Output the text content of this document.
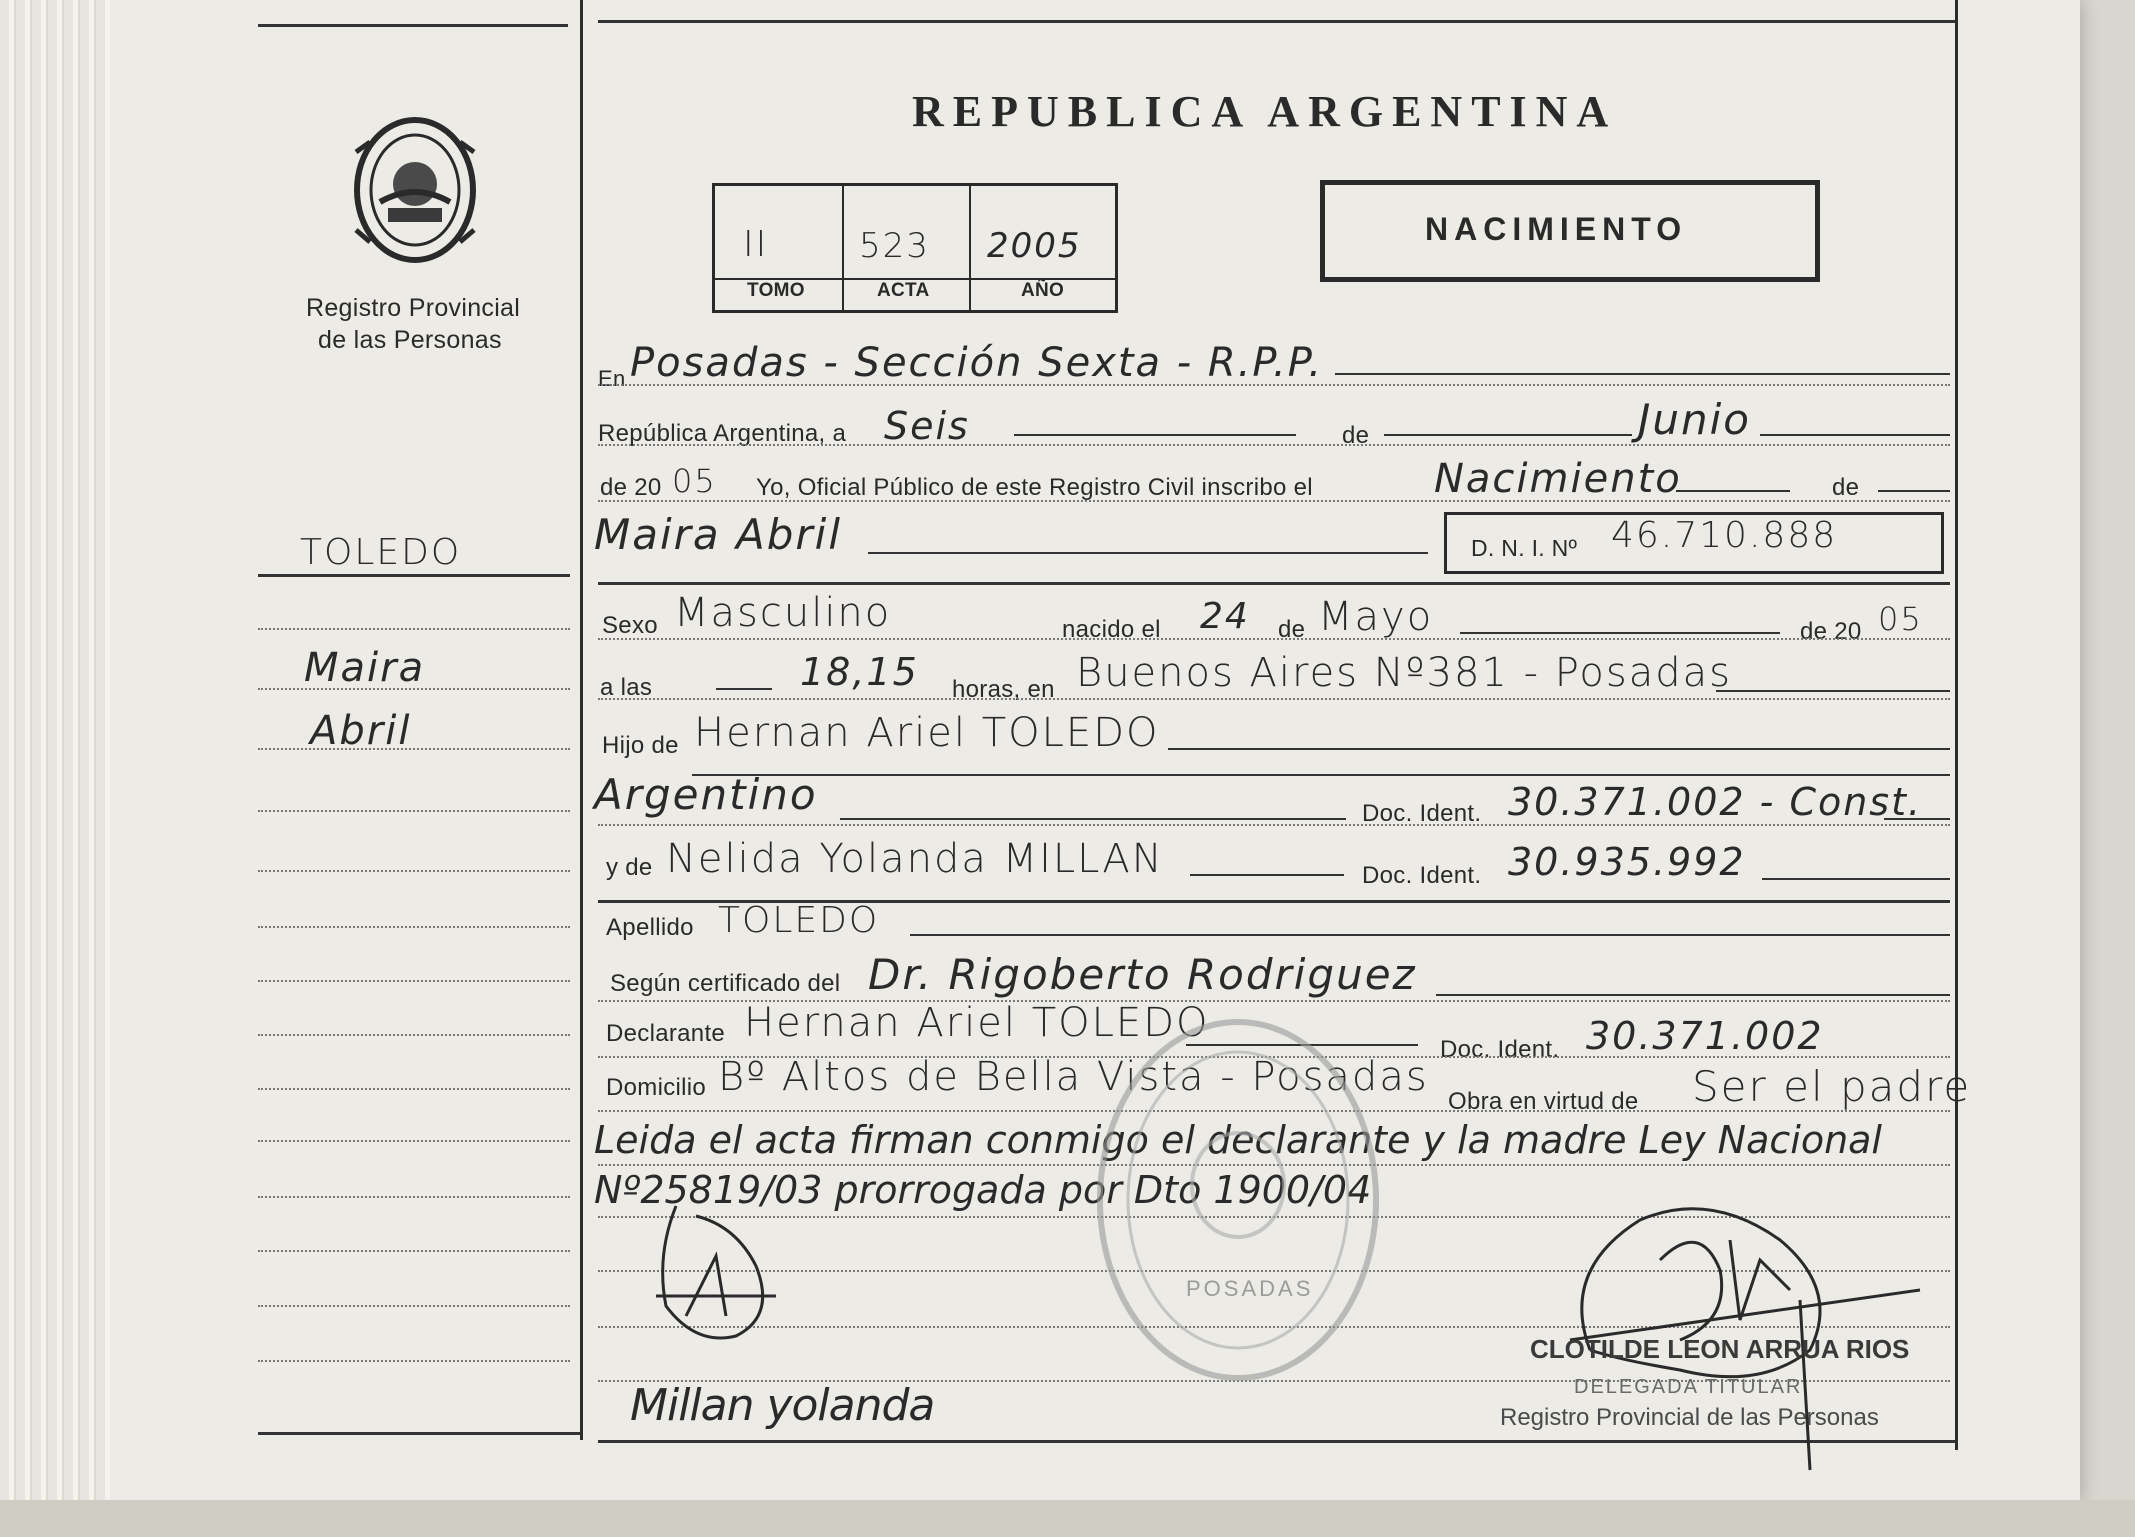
Registro Provincial
de las Personas
TOLEDO
Maira
Abril
REPUBLICA ARGENTINA
II	523 2005
TOMO	ACTA	AÑO
NACIMIENTO
En Posadas - Sección Sexta - R.P.P.
República Argentina, a Seis	de	Junio
de 20 05 Yo, Oficial Público de este Registro Civil inscribo el	Nacimiento	de
Maira Abril	D. N. I. Nº 46.710.888
Sexo Masculino	nacido el 24 de Mayo	de 20 05
a las	18,15 horas, en Buenos Aires Nº381 - Posadas
Hijo de Hernan Ariel TOLEDO
Argentino	Doc. Ident. 30.371.002 - Const.
y de Nelida Yolanda MILLAN	Doc. Ident. 30.935.992
Apellido TOLEDO
Según certificado del Dr. Rigoberto Rodriguez
Declarante Hernan Ariel TOLEDO
Doc. Ident. 30.371.002
Domicilio Bº Altos de Bella Vista - Posadas
Obra en virtud de Ser el padre
Leida el acta firman conmigo el declarante y la madre Ley Nacional
Nº25819/03 prorrogada por Dto 1900/04
POSADAS
Millan yolanda
CLOTILDE LEON ARRUA RIOS
DELEGADA TITULAR
Registro Provincial de las Personas
